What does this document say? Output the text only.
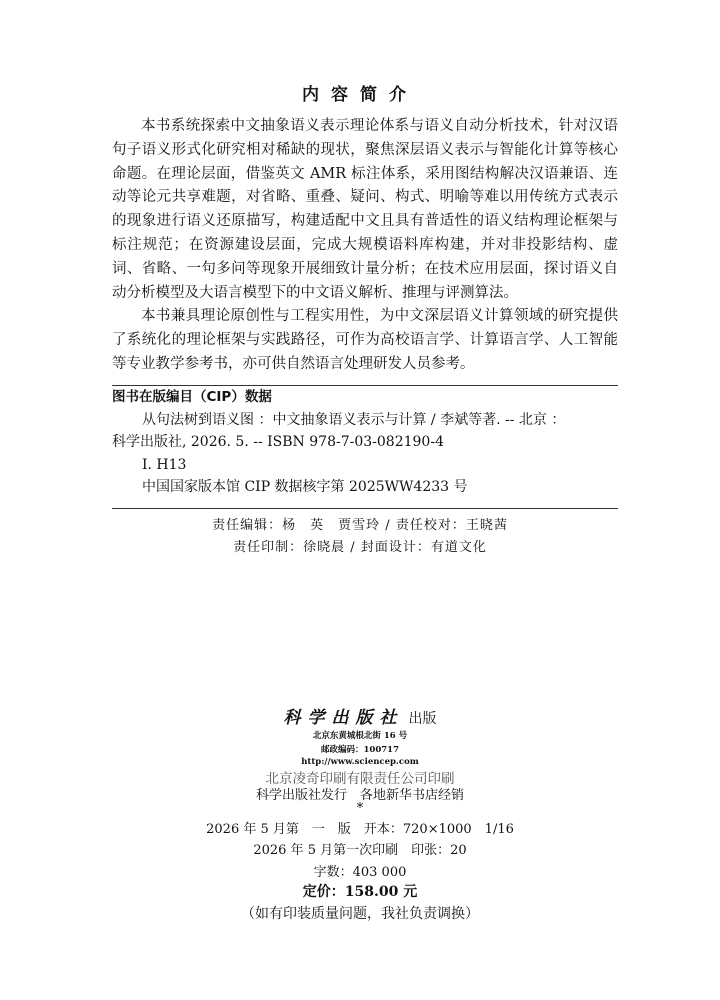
内容简介

本书系统探索中文抽象语义表示理论体系与语义自动分析技术，针对汉语句子语义形式化研究相对稀缺的现状，聚焦深层语义表示与智能化计算等核心命题。在理论层面，借鉴英文 AMR 标注体系，采用图结构解决汉语兼语、连动等论元共享难题，对省略、重叠、疑问、构式、明喻等难以用传统方式表示的现象进行语义还原描写，构建适配中文且具有普适性的语义结构理论框架与标注规范；在资源建设层面，完成大规模语料库构建，并对非投影结构、虚词、省略、一句多问等现象开展细致计量分析；在技术应用层面，探讨语义自动分析模型及大语言模型下的中文语义解析、推理与评测算法。

本书兼具理论原创性与工程实用性，为中文深层语义计算领域的研究提供了系统化的理论框架与实践路径，可作为高校语言学、计算语言学、人工智能等专业教学参考书，亦可供自然语言处理研发人员参考。

图书在版编目（CIP）数据
从句法树到语义图 ：中文抽象语义表示与计算 / 李斌等著. -- 北京 ：
科学出版社, 2026. 5. -- ISBN 978-7-03-082190-4
Ⅰ. H13
中国国家版本馆 CIP 数据核字第 2025WW4233 号
责任编辑：杨　英　贾雪玲 / 责任校对：王晓茜
责任印制：徐晓晨 / 封面设计：有道文化
科学出版社 出版
北京东黄城根北街 16 号
邮政编码：100717
http://www.sciencep.com
北京凌奇印刷有限责任公司印刷
科学出版社发行　各地新华书店经销
*
2026 年 5 月第　一　版　开本：720×1000　1/16
2026 年 5 月第一次印刷　印张：20
字数：403 000
定价：158.00 元
（如有印装质量问题，我社负责调换）
